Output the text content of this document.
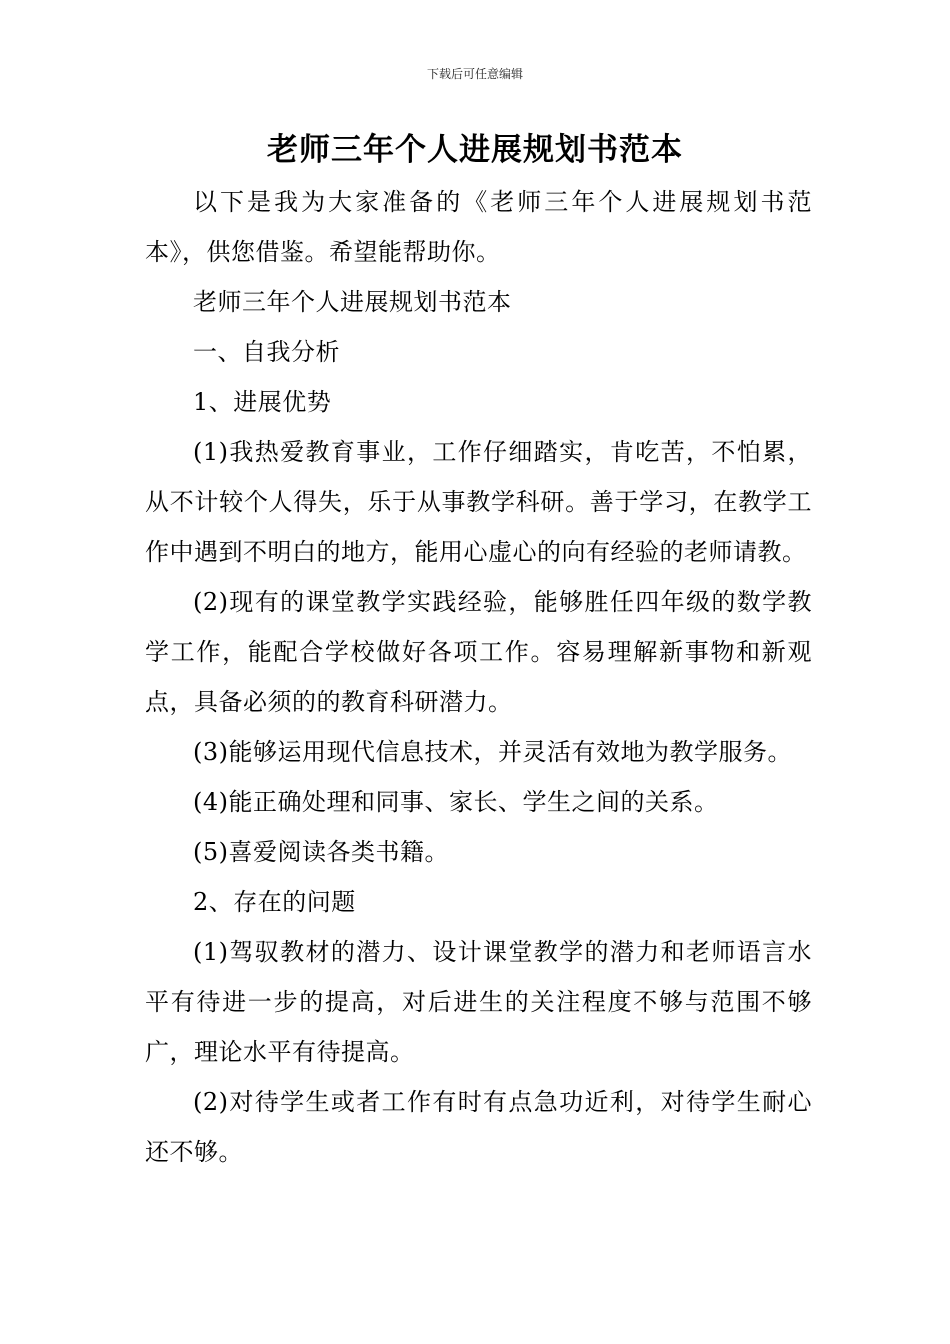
下载后可任意编辑
老师三年个人进展规划书范本

以下是我为大家准备的《老师三年个人进展规划书范本》，供您借鉴。希望能帮助你。

老师三年个人进展规划书范本

一、自我分析

1、进展优势

(1)我热爱教育事业，工作仔细踏实，肯吃苦，不怕累，从不计较个人得失，乐于从事教学科研。善于学习，在教学工作中遇到不明白的地方，能用心虚心的向有经验的老师请教。

(2)现有的课堂教学实践经验，能够胜任四年级的数学教学工作，能配合学校做好各项工作。容易理解新事物和新观点，具备必须的的教育科研潜力。

(3)能够运用现代信息技术，并灵活有效地为教学服务。

(4)能正确处理和同事、家长、学生之间的关系。

(5)喜爱阅读各类书籍。

2、存在的问题

(1)驾驭教材的潜力、设计课堂教学的潜力和老师语言水平有待进一步的提高，对后进生的关注程度不够与范围不够广，理论水平有待提高。

(2)对待学生或者工作有时有点急功近利，对待学生耐心还不够。
